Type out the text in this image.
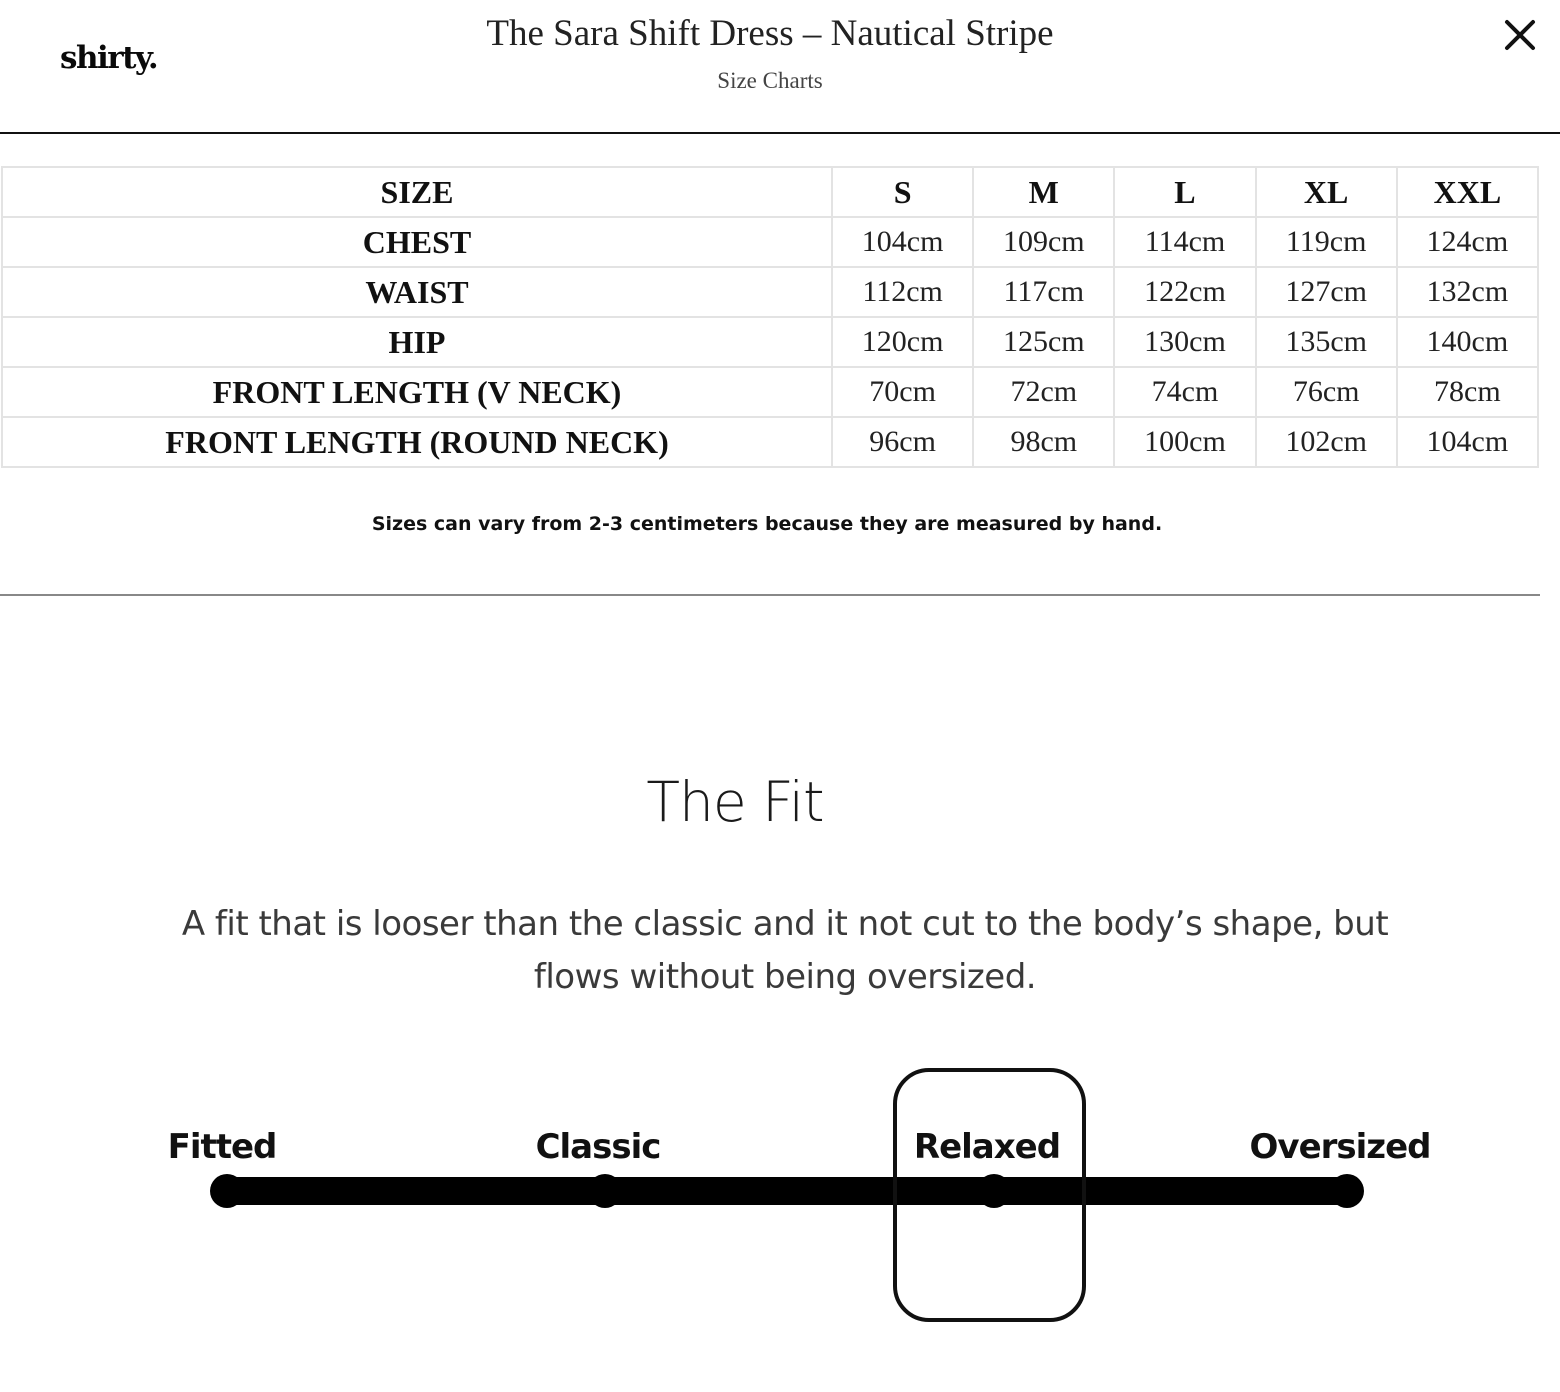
shirty.
The Sara Shift Dress – Nautical Stripe
Size Charts
SIZE	S	M	L	XL	XXL
CHEST	104cm	109cm	114cm	119cm	124cm
WAIST	112cm	117cm	122cm	127cm	132cm
HIP	120cm	125cm	130cm	135cm	140cm
FRONT LENGTH (V NECK)	70cm	72cm	74cm	76cm	78cm
FRONT LENGTH (ROUND NECK)	96cm	98cm	100cm	102cm	104cm
Sizes can vary from 2-3 centimeters because they are measured by hand.
The Fit
A fit that is looser than the classic and it not cut to the body’s shape, but flows without being oversized.
Fitted	Classic	Relaxed	Oversized
